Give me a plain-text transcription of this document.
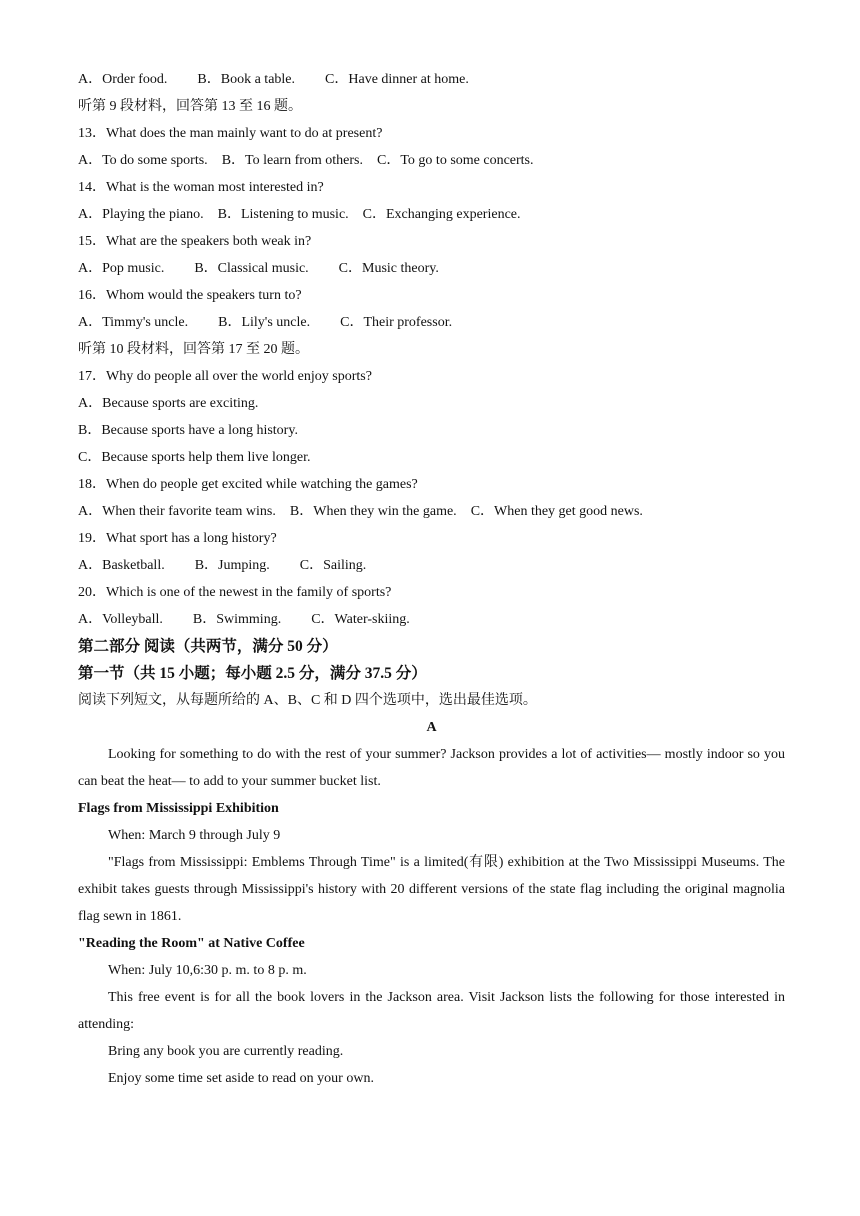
A．Order food. B．Book a table. C．Have dinner at home.
听第 9 段材料，回答第 13 至 16 题。
13．What does the man mainly want to do at present?
A．To do some sports. B．To learn from others. C．To go to some concerts.
14．What is the woman most interested in?
A．Playing the piano. B．Listening to music. C．Exchanging experience.
15．What are the speakers both weak in?
A．Pop music. B．Classical music. C．Music theory.
16．Whom would the speakers turn to?
A．Timmy's uncle. B．Lily's uncle. C．Their professor.
听第 10 段材料，回答第 17 至 20 题。
17．Why do people all over the world enjoy sports?
A．Because sports are exciting.
B．Because sports have a long history.
C．Because sports help them live longer.
18．When do people get excited while watching the games?
A．When their favorite team wins. B．When they win the game. C．When they get good news.
19．What sport has a long history?
A．Basketball. B．Jumping. C．Sailing.
20．Which is one of the newest in the family of sports?
A．Volleyball. B．Swimming. C．Water-skiing.
第二部分 阅读（共两节，满分 50 分）
第一节（共 15 小题；每小题 2.5 分，满分 37.5 分）
阅读下列短文，从每题所给的 A、B、C 和 D 四个选项中，选出最佳选项。
A
Looking for something to do with the rest of your summer? Jackson provides a lot of activities— mostly indoor so you can beat the heat— to add to your summer bucket list.
Flags from Mississippi Exhibition
When: March 9 through July 9
"Flags from Mississippi: Emblems Through Time" is a limited(有限) exhibition at the Two Mississippi Museums. The exhibit takes guests through Mississippi's history with 20 different versions of the state flag including the original magnolia flag sewn in 1861.
"Reading the Room" at Native Coffee
When: July 10,6:30 p. m. to 8 p. m.
This free event is for all the book lovers in the Jackson area. Visit Jackson lists the following for those interested in attending:
Bring any book you are currently reading.
Enjoy some time set aside to read on your own.
